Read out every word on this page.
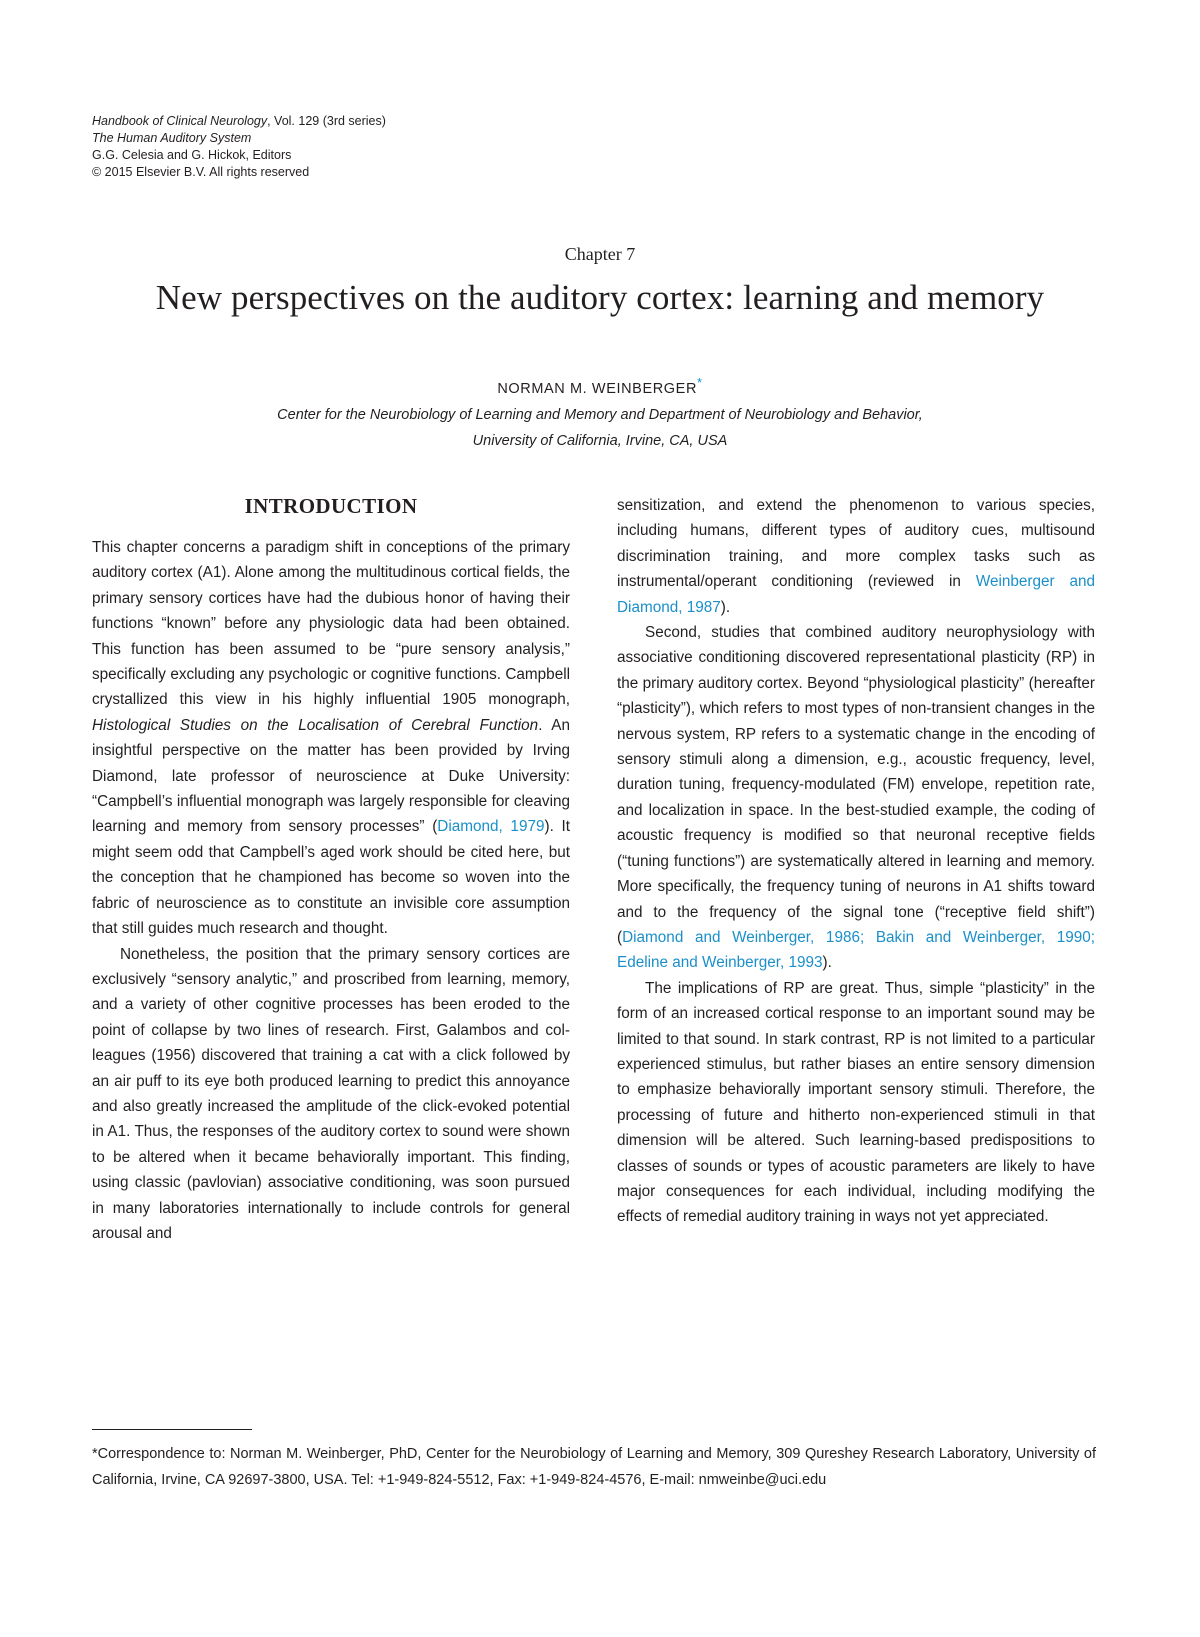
Handbook of Clinical Neurology, Vol. 129 (3rd series)
The Human Auditory System
G.G. Celesia and G. Hickok, Editors
© 2015 Elsevier B.V. All rights reserved
Chapter 7
New perspectives on the auditory cortex: learning and memory
NORMAN M. WEINBERGER*
Center for the Neurobiology of Learning and Memory and Department of Neurobiology and Behavior,
University of California, Irvine, CA, USA
INTRODUCTION

This chapter concerns a paradigm shift in conceptions of the primary auditory cortex (A1). Alone among the multitudinous cortical fields, the primary sensory cortices have had the dubious honor of having their functions “known” before any physiologic data had been obtained. This function has been assumed to be “pure sensory analysis,” specifically excluding any psychologic or cognitive functions. Campbell crystallized this view in his highly influential 1905 monograph, Histological Studies on the Localisation of Cerebral Function. An insightful perspective on the matter has been provided by Irving Diamond, late professor of neuroscience at Duke University: “Campbell’s influential monograph was largely responsible for cleaving learning and memory from sensory processes” (Diamond, 1979). It might seem odd that Campbell’s aged work should be cited here, but the conception that he championed has become so woven into the fabric of neuroscience as to constitute an invisible core assumption that still guides much research and thought.

Nonetheless, the position that the primary sensory cortices are exclusively “sensory analytic,” and proscribed from learning, memory, and a variety of other cognitive processes has been eroded to the point of collapse by two lines of research. First, Galambos and colleagues (1956) discovered that training a cat with a click followed by an air puff to its eye both produced learning to predict this annoyance and also greatly increased the amplitude of the click-evoked potential in A1. Thus, the responses of the auditory cortex to sound were shown to be altered when it became behaviorally important. This finding, using classic (pavlovian) associative conditioning, was soon pursued in many laboratories internationally to include controls for general arousal and

sensitization, and extend the phenomenon to various species, including humans, different types of auditory cues, multisound discrimination training, and more complex tasks such as instrumental/operant conditioning (reviewed in Weinberger and Diamond, 1987).

Second, studies that combined auditory neurophysiology with associative conditioning discovered representational plasticity (RP) in the primary auditory cortex. Beyond “physiological plasticity” (hereafter “plasticity”), which refers to most types of non-transient changes in the nervous system, RP refers to a systematic change in the encoding of sensory stimuli along a dimension, e.g., acoustic frequency, level, duration tuning, frequency-modulated (FM) envelope, repetition rate, and localization in space. In the best-studied example, the coding of acoustic frequency is modified so that neuronal receptive fields (“tuning functions”) are systematically altered in learning and memory. More specifically, the frequency tuning of neurons in A1 shifts toward and to the frequency of the signal tone (“receptive field shift”) (Diamond and Weinberger, 1986; Bakin and Weinberger, 1990; Edeline and Weinberger, 1993).

The implications of RP are great. Thus, simple “plasticity” in the form of an increased cortical response to an important sound may be limited to that sound. In stark contrast, RP is not limited to a particular experienced stimulus, but rather biases an entire sensory dimension to emphasize behaviorally important sensory stimuli. Therefore, the processing of future and hitherto non-experienced stimuli in that dimension will be altered. Such learning-based predispositions to classes of sounds or types of acoustic parameters are likely to have major consequences for each individual, including modifying the effects of remedial auditory training in ways not yet appreciated.

*Correspondence to: Norman M. Weinberger, PhD, Center for the Neurobiology of Learning and Memory, 309 Qureshey Research Laboratory, University of California, Irvine, CA 92697-3800, USA. Tel: +1-949-824-5512, Fax: +1-949-824-4576, E-mail: nmweinbe@uci.edu
